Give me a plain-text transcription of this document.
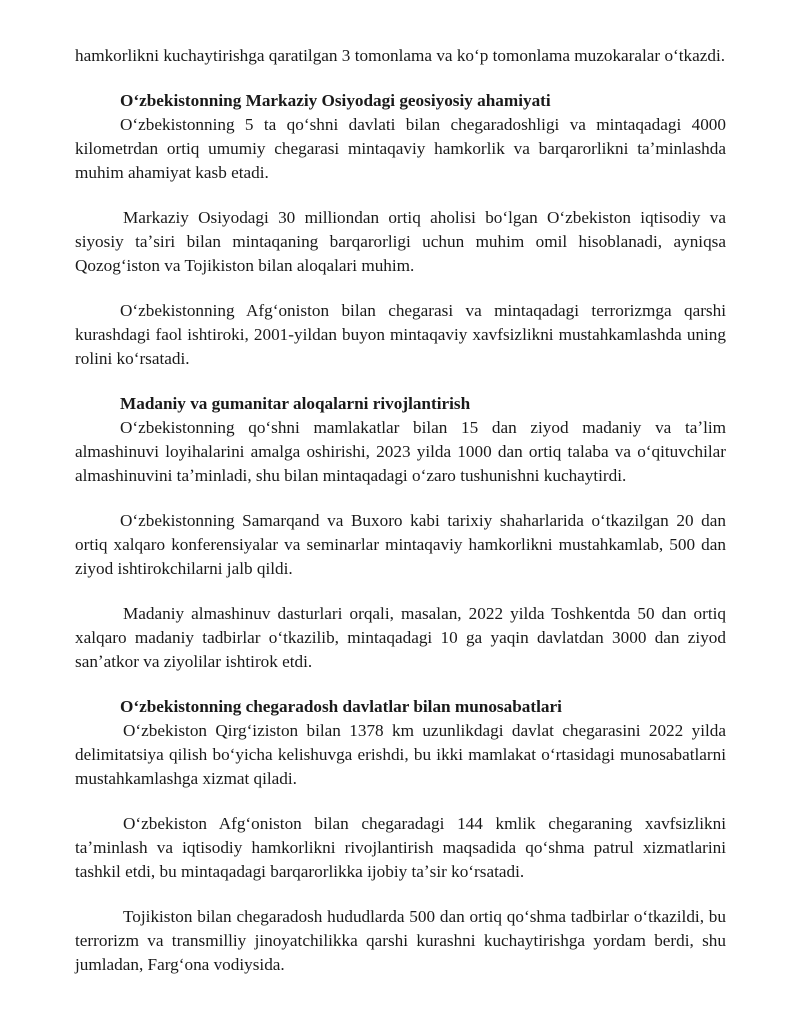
hamkorlikni kuchaytirishga qaratilgan 3 tomonlama va koʻp tomonlama muzokaralar oʻtkazdi.

Oʻzbekistonning Markaziy Osiyodagi geosiyosiy ahamiyati

Oʻzbekistonning 5 ta qoʻshni davlati bilan chegaradoshligi va mintaqadagi 4000 kilometrdan ortiq umumiy chegarasi mintaqaviy hamkorlik va barqarorlikni taʼminlashda muhim ahamiyat kasb etadi.

Markaziy Osiyodagi 30 milliondan ortiq aholisi boʻlgan Oʻzbekiston iqtisodiy va siyosiy taʼsiri bilan mintaqaning barqarorligi uchun muhim omil hisoblanadi, ayniqsa Qozogʻiston va Tojikiston bilan aloqalari muhim.

Oʻzbekistonning Afgʻoniston bilan chegarasi va mintaqadagi terrorizmga qarshi kurashdagi faol ishtiroki, 2001-yildan buyon mintaqaviy xavfsizlikni mustahkamlashda uning rolini koʻrsatadi.

Madaniy va gumanitar aloqalarni rivojlantirish

Oʻzbekistonning qoʻshni mamlakatlar bilan 15 dan ziyod madaniy va taʼlim almashinuvi loyihalarini amalga oshirishi, 2023 yilda 1000 dan ortiq talaba va oʻqituvchilar almashinuvini taʼminladi, shu bilan mintaqadagi oʻzaro tushunishni kuchaytirdi.

Oʻzbekistonning Samarqand va Buxoro kabi tarixiy shaharlarida oʻtkazilgan 20 dan ortiq xalqaro konferensiyalar va seminarlar mintaqaviy hamkorlikni mustahkamlab, 500 dan ziyod ishtirokchilarni jalb qildi.

Madaniy almashinuv dasturlari orqali, masalan, 2022 yilda Toshkentda 50 dan ortiq xalqaro madaniy tadbirlar oʻtkazilib, mintaqadagi 10 ga yaqin davlatdan 3000 dan ziyod sanʼatkor va ziyolilar ishtirok etdi.

Oʻzbekistonning chegaradosh davlatlar bilan munosabatlari

Oʻzbekiston Qirgʻiziston bilan 1378 km uzunlikdagi davlat chegarasini 2022 yilda delimitatsiya qilish boʻyicha kelishuvga erishdi, bu ikki mamlakat oʻrtasidagi munosabatlarni mustahkamlashga xizmat qiladi.

Oʻzbekiston Afgʻoniston bilan chegaradagi 144 kmlik chegaraning xavfsizlikni taʼminlash va iqtisodiy hamkorlikni rivojlantirish maqsadida qoʻshma patrul xizmatlarini tashkil etdi, bu mintaqadagi barqarorlikka ijobiy taʼsir koʻrsatadi.

Tojikiston bilan chegaradosh hududlarda 500 dan ortiq qoʻshma tadbirlar oʻtkazildi, bu terrorizm va transmilliy jinoyatchilikka qarshi kurashni kuchaytirishga yordam berdi, shu jumladan, Fargʻona vodiysida.
